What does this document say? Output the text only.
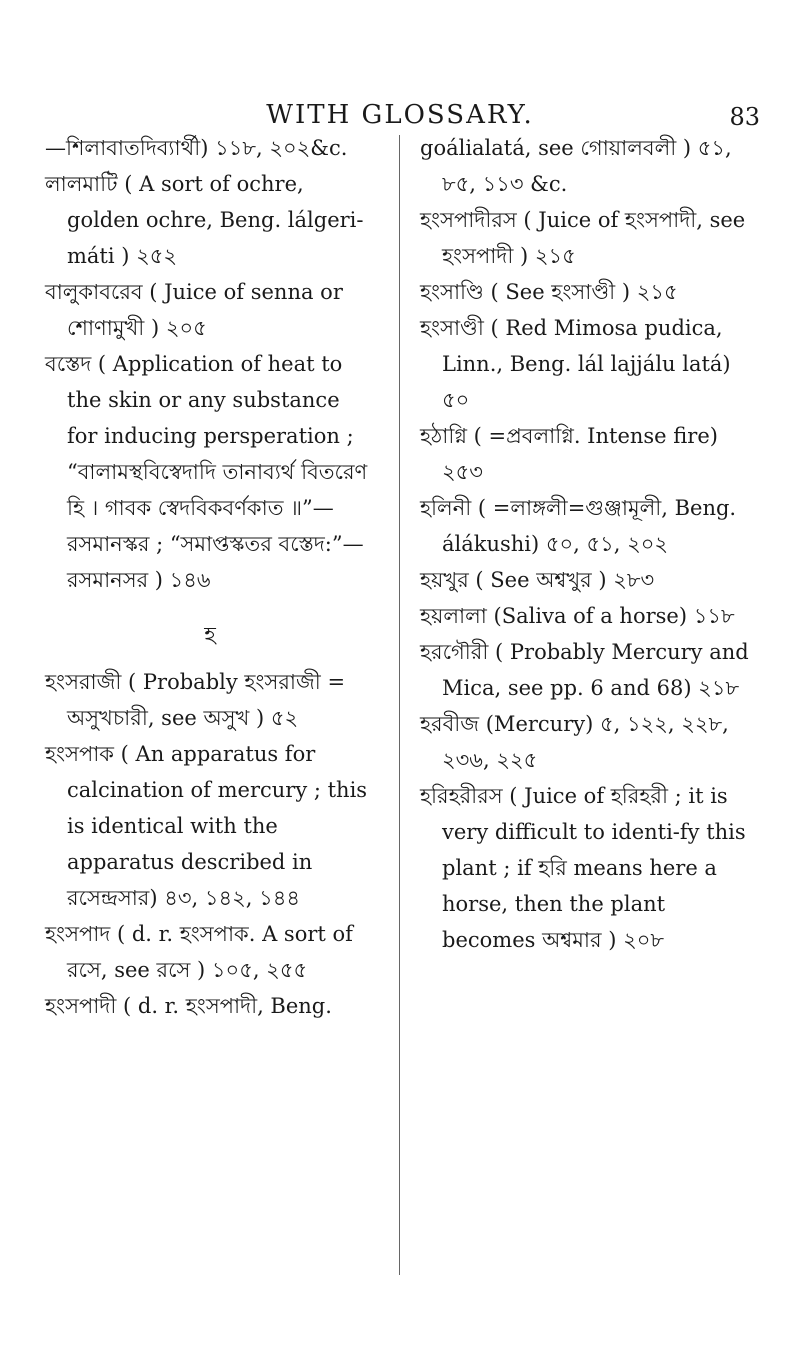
WITH GLOSSARY.	83

—শিলাবাতদিব্যার্থী) ১১৮, ২০২&c.

লালমাটি ( A sort of ochre, golden ochre, Beng. lálgeri-máti ) ২৫২

বালুকাবরেব ( Juice of senna or শোণামুখী ) ২০৫

বস্তেদ ( Application of heat to the skin or any substance for inducing persperation ; “বালামস্থবিস্বেদাদি তানাব্যর্থ বিতরেণ হি । গাবক স্বেদবিকবর্ণকাত ॥”— রসমানস্কর ; “সমাপ্তস্কতর বস্তেদ:”—রসমানসর ) ১৪৬

হ

হংসরাজী ( Probably হংসরাজী = অসুখচারী, see অসুখ ) ৫২

হংসপাক ( An apparatus for calcination of mercury ; this is identical with the apparatus described in রসেন্দ্রসার) ৪৩, ১৪২, ১৪৪

হংসপাদ ( d. r. হংসপাক. A sort of রসে, see রসে ) ১০৫, ২৫৫

হংসপাদী ( d. r. হংসপাদী, Beng.

goálialatá, see গোয়ালবলী ) ৫১, ৮৫, ১১৩ &c.

হংসপাদীরস ( Juice of হংসপাদী, see হংসপাদী ) ২১৫

হংসাণ্ডি ( See হংসাণ্ডী ) ২১৫

হংসাণ্ডী ( Red Mimosa pudica, Linn., Beng. lál lajjálu latá) ৫০

হঠাগ্নি ( =প্রবলাগ্নি. Intense fire) ২৫৩

হলিনী ( =লাঙ্গলী=গুঞ্জামূলী, Beng. álákushi) ৫০, ৫১, ২০২

হয়খুর ( See অশ্বখুর ) ২৮৩

হয়লালা (Saliva of a horse) ১১৮

হরগৌরী ( Probably Mercury and Mica, see pp. 6 and 68) ২১৮

হরবীজ (Mercury) ৫, ১২২, ২২৮, ২৩৬, ২২৫

হরিহরীরস ( Juice of হরিহরী ; it is very difficult to identi-fy this plant ; if হরি means here a horse, then the plant becomes অশ্বমার ) ২০৮
